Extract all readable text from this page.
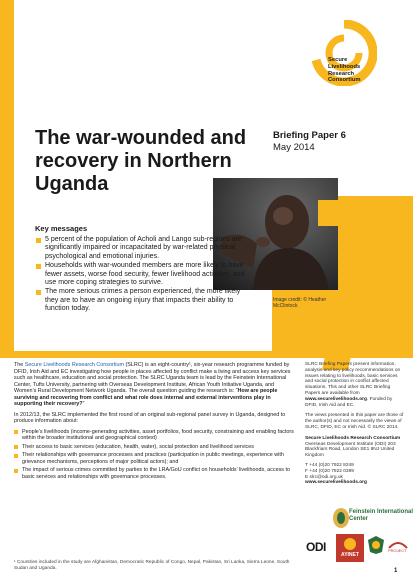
Secure
Livelihoods
Research
Consortium
The war-wounded and recovery in Northern Uganda
Briefing Paper 6
May 2014
Image credit: © Heather McClintock
Key messages
5 percent of the population of Acholi and Lango sub-regions are significantly impaired or incapacitated by war-related physical, psychological and emotional injuries.
Households with war-wounded members are more likely to have fewer assets, worse food security, fewer livelihood activities, and use more coping strategies to survive.
The more serious crimes a person experienced, the more likely they are to have an ongoing injury that impacts their ability to function today.

The Secure Livelihoods Research Consortium (SLRC) is an eight-country¹, six-year research programme funded by DFID, Irish Aid and EC investigating how people in places affected by conflict make a living and access key services such as healthcare, education and social protection. The SLRC Uganda team is lead by the Feinstein International Center, Tufts University, partnering with Overseas Development Institute, African Youth Initiative Uganda, and Women’s Rural Development Network Uganda. The overall question guiding the research is: “How are people surviving and recovering from conflict and what role does internal and external interventions play in supporting their recovery?”

In 2012/13, the SLRC implemented the first round of an original sub-regional panel survey in Uganda, designed to produce information about:

People’s livelihoods (income-generating activities, asset portfolios, food security, constraining and enabling factors within the broader institutional and geographical context)
Their access to basic services (education, health, water), social protection and livelihood services
Their relationships with governance processes and practices (participation in public meetings, experience with grievance mechanisms, perceptions of major political actors); and
The impact of serious crimes committed by parties to the LRA/GoU conflict on households’ livelihoods, access to basic services and relationships with governance processes.
¹ Countries included in the study are Afghanistan, Democratic Republic of Congo, Nepal, Pakistan, Sri Lanka, Sierra Leone, South Sudan and Uganda.

SLRC Briefing Papers present information, analysis and key policy recommendations on issues relating to livelihoods, basic services and social protection in conflict affected situations. This and other SLRC Briefing Papers are available from www.securelivelihoods.org. Funded by DFID, Irish Aid and EC.

The views presented in this paper are those of the author(s) and not necessarily the views of SLRC, DFID, EC or Irish Aid. © SLRC 2014.

Secure Livelihoods Research Consortium
Overseas Development Institute (ODI) 203 Blackfriars Road, London SE1 8NJ United Kingdom
T +44 (0)20 7922 8249
F +44 (0)20 7922 0399
E slrc@odi.org.uk
www.securelivelihoods.org
Feinstein International Center
ODI
AYINET
PROJECT
1
